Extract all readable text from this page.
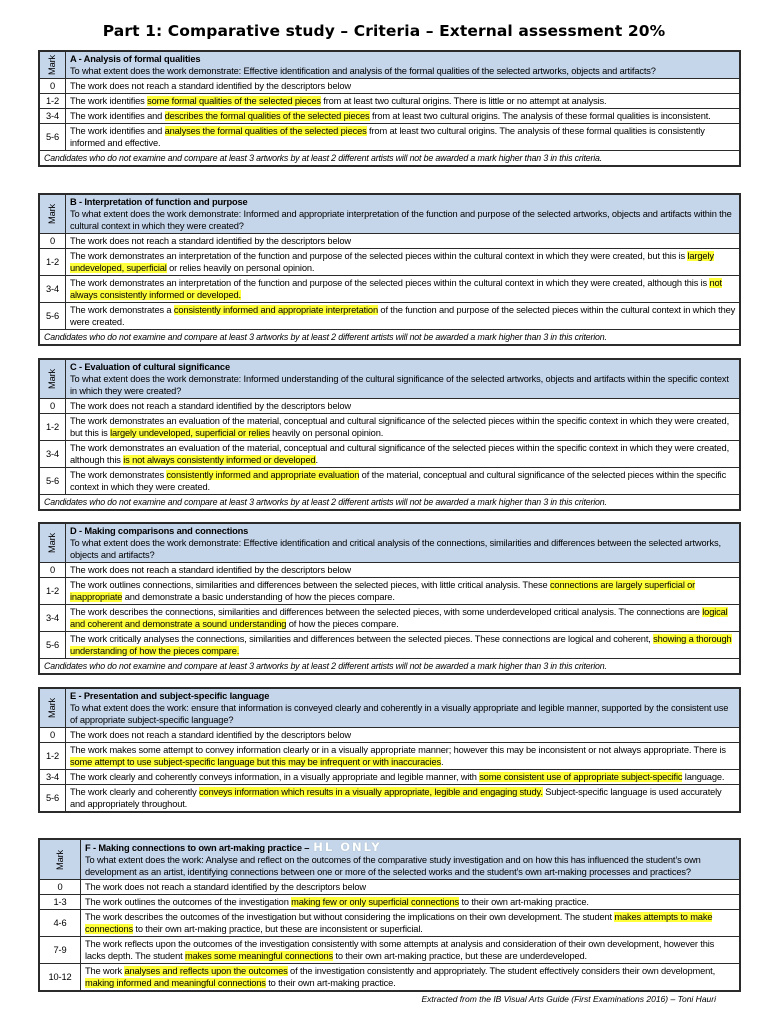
Part 1: Comparative study – Criteria – External assessment 20%
Mark	A - Analysis of formal qualities
To what extent does the work demonstrate: Effective identification and analysis of the formal qualities of the selected artworks, objects and artifacts?
0	The work does not reach a standard identified by the descriptors below
1-2	The work identifies some formal qualities of the selected pieces from at least two cultural origins. There is little or no attempt at analysis.
3-4	The work identifies and describes the formal qualities of the selected pieces from at least two cultural origins. The analysis of these formal qualities is inconsistent.
5-6	The work identifies and analyses the formal qualities of the selected pieces from at least two cultural origins. The analysis of these formal qualities is consistently informed and effective.
Candidates who do not examine and compare at least 3 artworks by at least 2 different artists will not be awarded a mark higher than 3 in this criteria.	
Mark	B - Interpretation of function and purpose
To what extent does the work demonstrate: Informed and appropriate interpretation of the function and purpose of the selected artworks, objects and artifacts within the cultural context in which they were created?
0	The work does not reach a standard identified by the descriptors below
1-2	The work demonstrates an interpretation of the function and purpose of the selected pieces within the cultural context in which they were created, but this is largely undeveloped, superficial or relies heavily on personal opinion.
3-4	The work demonstrates an interpretation of the function and purpose of the selected pieces within the cultural context in which they were created, although this is not always consistently informed or developed.
5-6	The work demonstrates a consistently informed and appropriate interpretation of the function and purpose of the selected pieces within the cultural context in which they were created.
Candidates who do not examine and compare at least 3 artworks by at least 2 different artists will not be awarded a mark higher than 3 in this criterion.	
Mark	C - Evaluation of cultural significance
To what extent does the work demonstrate: Informed understanding of the cultural significance of the selected artworks, objects and artifacts within the specific context in which they were created?
0	The work does not reach a standard identified by the descriptors below
1-2	The work demonstrates an evaluation of the material, conceptual and cultural significance of the selected pieces within the specific context in which they were created, but this is largely undeveloped, superficial or relies heavily on personal opinion.
3-4	The work demonstrates an evaluation of the material, conceptual and cultural significance of the selected pieces within the specific context in which they were created, although this is not always consistently informed or developed.
5-6	The work demonstrates consistently informed and appropriate evaluation of the material, conceptual and cultural significance of the selected pieces within the specific context in which they were created.
Candidates who do not examine and compare at least 3 artworks by at least 2 different artists will not be awarded a mark higher than 3 in this criterion.	
Mark	D - Making comparisons and connections
To what extent does the work demonstrate: Effective identification and critical analysis of the connections, similarities and differences between the selected artworks, objects and artifacts?
0	The work does not reach a standard identified by the descriptors below
1-2	The work outlines connections, similarities and differences between the selected pieces, with little critical analysis. These connections are largely superficial or inappropriate and demonstrate a basic understanding of how the pieces compare.
3-4	The work describes the connections, similarities and differences between the selected pieces, with some underdeveloped critical analysis. The connections are logical and coherent and demonstrate a sound understanding of how the pieces compare.
5-6	The work critically analyses the connections, similarities and differences between the selected pieces. These connections are logical and coherent, showing a thorough understanding of how the pieces compare.
Candidates who do not examine and compare at least 3 artworks by at least 2 different artists will not be awarded a mark higher than 3 in this criterion.	
Mark	E - Presentation and subject-specific language
To what extent does the work: ensure that information is conveyed clearly and coherently in a visually appropriate and legible manner, supported by the consistent use of appropriate subject-specific language?
0	The work does not reach a standard identified by the descriptors below
1-2	The work makes some attempt to convey information clearly or in a visually appropriate manner; however this may be inconsistent or not always appropriate. There is some attempt to use subject-specific language but this may be infrequent or with inaccuracies.
3-4	The work clearly and coherently conveys information, in a visually appropriate and legible manner, with some consistent use of appropriate subject-specific language.
5-6	The work clearly and coherently conveys information which results in a visually appropriate, legible and engaging study. Subject-specific language is used accurately and appropriately throughout.
Mark	F - Making connections to own art-making practice – HL ONLY
To what extent does the work: Analyse and reflect on the outcomes of the comparative study investigation and on how this has influenced the student’s own development as an artist, identifying connections between one or more of the selected works and the student’s own art-making processes and practices?
0	The work does not reach a standard identified by the descriptors below
1-3	The work outlines the outcomes of the investigation making few or only superficial connections to their own art-making practice.
4-6	The work describes the outcomes of the investigation but without considering the implications on their own development. The student makes attempts to make connections to their own art-making practice, but these are inconsistent or superficial.
7-9	The work reflects upon the outcomes of the investigation consistently with some attempts at analysis and consideration of their own development, however this lacks depth. The student makes some meaningful connections to their own art-making practice, but these are underdeveloped.
10-12	The work analyses and reflects upon the outcomes of the investigation consistently and appropriately. The student effectively considers their own development, making informed and meaningful connections to their own art-making practice.
Extracted from the IB Visual Arts Guide (First Examinations 2016) – Toni Hauri
